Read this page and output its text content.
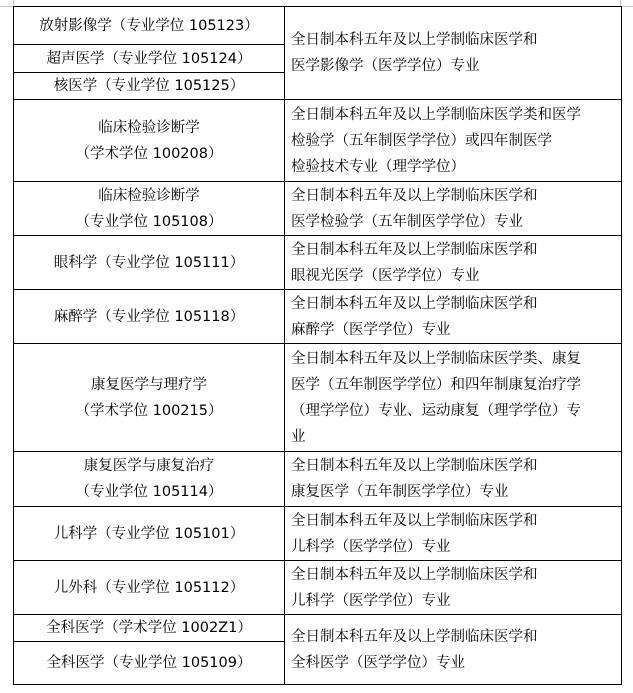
放射影像学（专业学位 105123）	全日制本科五年及以上学制临床医学和
医学影像学（医学学位）专业

超声医学（专业学位 105124）	

核医学（专业学位 105125）	

临床检验诊断学
（学术学位 100208）	全日制本科五年及以上学制临床医学类和医学
检验学（五年制医学学位）或四年制医学
检验技术专业（理学学位）

临床检验诊断学
（专业学位 105108）	全日制本科五年及以上学制临床医学和
医学检验学（五年制医学学位）专业

眼科学（专业学位 105111）	全日制本科五年及以上学制临床医学和
眼视光医学（医学学位）专业

麻醉学（专业学位 105118）	全日制本科五年及以上学制临床医学和
麻醉学（医学学位）专业

康复医学与理疗学
（学术学位 100215）	全日制本科五年及以上学制临床医学类、康复
医学（五年制医学学位）和四年制康复治疗学
（理学学位）专业、运动康复（理学学位）专
业

康复医学与康复治疗
（专业学位 105114）	全日制本科五年及以上学制临床医学和
康复医学（五年制医学学位）专业

儿科学（专业学位 105101）	全日制本科五年及以上学制临床医学和
儿科学（医学学位）专业

儿外科（专业学位 105112）	全日制本科五年及以上学制临床医学和
儿科学（医学学位）专业

全科医学（学术学位 1002Z1）	全日制本科五年及以上学制临床医学和
全科医学（医学学位）专业

全科医学（专业学位 105109）	
